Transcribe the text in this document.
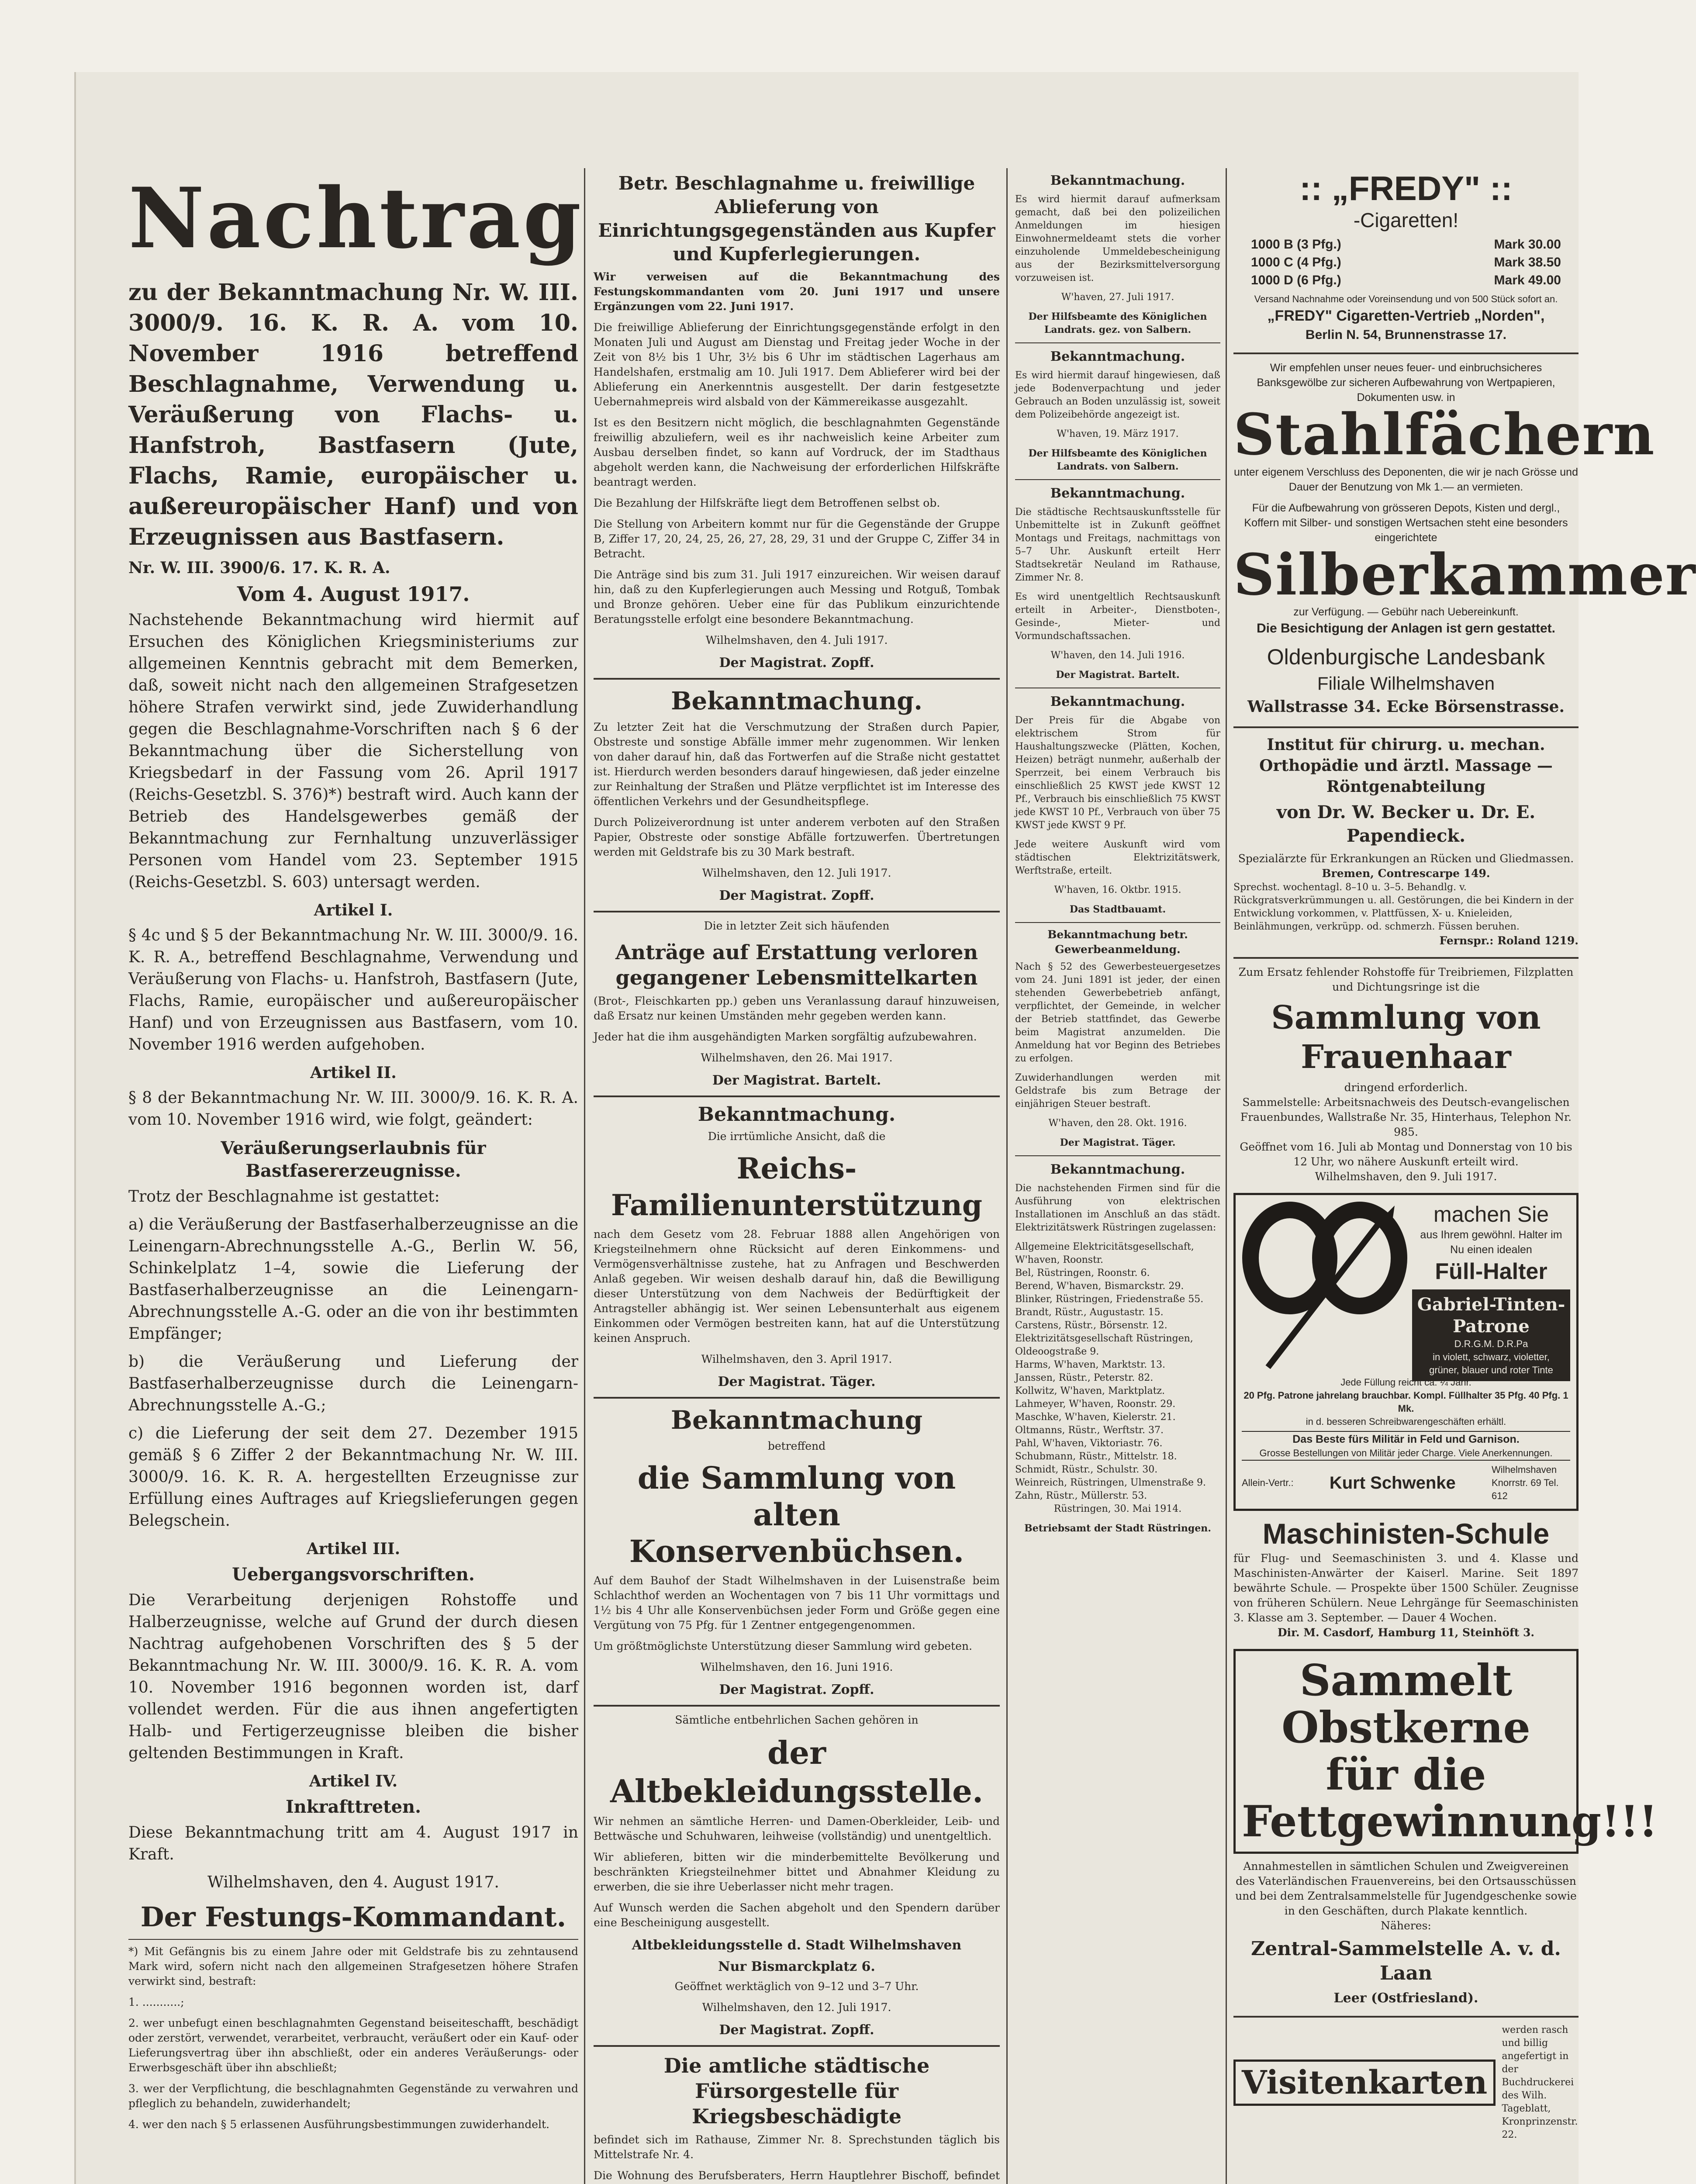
Nachtrag
zu der Bekanntmachung Nr. W. III. 3000/9. 16. K. R. A. vom 10. November 1916 betreffend Beschlagnahme, Verwendung u. Veräußerung von Flachs- u. Hanfstroh, Bastfasern (Jute, Flachs, Ramie, europäischer u. außereuropäischer Hanf) und von Erzeugnissen aus Bastfasern.
Nr. W. III. 3900/6. 17. K. R. A.
Vom 4. August 1917.

Nachstehende Bekanntmachung wird hiermit auf Ersuchen des Königlichen Kriegsministeriums zur allgemeinen Kenntnis gebracht mit dem Bemerken, daß, soweit nicht nach den allgemeinen Strafgesetzen höhere Strafen verwirkt sind, jede Zuwiderhandlung gegen die Beschlagnahme-Vorschriften nach § 6 der Bekanntmachung über die Sicherstellung von Kriegsbedarf in der Fassung vom 26. April 1917 (Reichs-Gesetzbl. S. 376)*) bestraft wird. Auch kann der Betrieb des Handelsgewerbes gemäß der Bekanntmachung zur Fernhaltung unzuverlässiger Personen vom Handel vom 23. September 1915 (Reichs-Gesetzbl. S. 603) untersagt werden.

Artikel I.

§ 4c und § 5 der Bekanntmachung Nr. W. III. 3000/9. 16. K. R. A., betreffend Beschlagnahme, Verwendung und Veräußerung von Flachs- u. Hanfstroh, Bastfasern (Jute, Flachs, Ramie, europäischer und außereuropäischer Hanf) und von Erzeugnissen aus Bastfasern, vom 10. November 1916 werden aufgehoben.

Artikel II.

§ 8 der Bekanntmachung Nr. W. III. 3000/9. 16. K. R. A. vom 10. November 1916 wird, wie folgt, geändert:

Veräußerungserlaubnis für Bastfasererzeugnisse.

Trotz der Beschlagnahme ist gestattet:

a) die Veräußerung der Bastfaserhalberzeugnisse an die Leinengarn-Abrechnungsstelle A.-G., Berlin W. 56, Schinkelplatz 1–4, sowie die Lieferung der Bastfaserhalberzeugnisse an die Leinengarn-Abrechnungsstelle A.-G. oder an die von ihr bestimmten Empfänger;

b) die Veräußerung und Lieferung der Bastfaserhalberzeugnisse durch die Leinengarn-Abrechnungsstelle A.-G.;

c) die Lieferung der seit dem 27. Dezember 1915 gemäß § 6 Ziffer 2 der Bekanntmachung Nr. W. III. 3000/9. 16. K. R. A. hergestellten Erzeugnisse zur Erfüllung eines Auftrages auf Kriegslieferungen gegen Belegschein.

Artikel III.
Uebergangsvorschriften.

Die Verarbeitung derjenigen Rohstoffe und Halberzeugnisse, welche auf Grund der durch diesen Nachtrag aufgehobenen Vorschriften des § 5 der Bekanntmachung Nr. W. III. 3000/9. 16. K. R. A. vom 10. November 1916 begonnen worden ist, darf vollendet werden. Für die aus ihnen angefertigten Halb- und Fertigerzeugnisse bleiben die bisher geltenden Bestimmungen in Kraft.

Artikel IV.
Inkrafttreten.

Diese Bekanntmachung tritt am 4. August 1917 in Kraft.

Wilhelmshaven, den 4. August 1917.

Der Festungs-Kommandant.

*) Mit Gefängnis bis zu einem Jahre oder mit Geldstrafe bis zu zehntausend Mark wird, sofern nicht nach den allgemeinen Strafgesetzen höhere Strafen verwirkt sind, bestraft:

1. ...........;

2. wer unbefugt einen beschlagnahmten Gegenstand beiseiteschafft, beschädigt oder zerstört, verwendet, verarbeitet, verbraucht, veräußert oder ein Kauf- oder Lieferungsvertrag über ihn abschließt, oder ein anderes Veräußerungs- oder Erwerbsgeschäft über ihn abschließt;

3. wer der Verpflichtung, die beschlagnahmten Gegenstände zu verwahren und pfleglich zu behandeln, zuwiderhandelt;

4. wer den nach § 5 erlassenen Ausführungsbestimmungen zuwiderhandelt.

Betr. Beschlagnahme u. freiwillige Ablieferung von Einrichtungsgegenständen aus Kupfer und Kupferlegierungen.

Wir verweisen auf die Bekanntmachung des Festungskommandanten vom 20. Juni 1917 und unsere Ergänzungen vom 22. Juni 1917.

Die freiwillige Ablieferung der Einrichtungsgegenstände erfolgt in den Monaten Juli und August am Dienstag und Freitag jeder Woche in der Zeit von 8½ bis 1 Uhr, 3½ bis 6 Uhr im städtischen Lagerhaus am Handelshafen, erstmalig am 10. Juli 1917. Dem Ablieferer wird bei der Ablieferung ein Anerkenntnis ausgestellt. Der darin festgesetzte Uebernahmepreis wird alsbald von der Kämmereikasse ausgezahlt.

Ist es den Besitzern nicht möglich, die beschlagnahmten Gegenstände freiwillig abzuliefern, weil es ihr nachweislich keine Arbeiter zum Ausbau derselben findet, so kann auf Vordruck, der im Stadthaus abgeholt werden kann, die Nachweisung der erforderlichen Hilfskräfte beantragt werden.

Die Bezahlung der Hilfskräfte liegt dem Betroffenen selbst ob.

Die Stellung von Arbeitern kommt nur für die Gegenstände der Gruppe B, Ziffer 17, 20, 24, 25, 26, 27, 28, 29, 31 und der Gruppe C, Ziffer 34 in Betracht.

Die Anträge sind bis zum 31. Juli 1917 einzureichen. Wir weisen darauf hin, daß zu den Kupferlegierungen auch Messing und Rotguß, Tombak und Bronze gehören. Ueber eine für das Publikum einzurichtende Beratungsstelle erfolgt eine besondere Bekanntmachung.

Wilhelmshaven, den 4. Juli 1917.

Der Magistrat. Zopff.

Bekanntmachung.

Zu letzter Zeit hat die Verschmutzung der Straßen durch Papier, Obstreste und sonstige Abfälle immer mehr zugenommen. Wir lenken von daher darauf hin, daß das Fortwerfen auf die Straße nicht gestattet ist. Hierdurch werden besonders darauf hingewiesen, daß jeder einzelne zur Reinhaltung der Straßen und Plätze verpflichtet ist im Interesse des öffentlichen Verkehrs und der Gesundheitspflege.

Durch Polizeiverordnung ist unter anderem verboten auf den Straßen Papier, Obstreste oder sonstige Abfälle fortzuwerfen. Übertretungen werden mit Geldstrafe bis zu 30 Mark bestraft.

Wilhelmshaven, den 12. Juli 1917.

Der Magistrat. Zopff.

Die in letzter Zeit sich häufenden

Anträge auf Erstattung verloren gegangener Lebensmittelkarten

(Brot-, Fleischkarten pp.) geben uns Veranlassung darauf hinzuweisen, daß Ersatz nur keinen Umständen mehr gegeben werden kann.

Jeder hat die ihm ausgehändigten Marken sorgfältig aufzubewahren.

Wilhelmshaven, den 26. Mai 1917.

Der Magistrat. Bartelt.

Bekanntmachung.

Die irrtümliche Ansicht, daß die

Reichs-Familienunterstützung

nach dem Gesetz vom 28. Februar 1888 allen Angehörigen von Kriegsteilnehmern ohne Rücksicht auf deren Einkommens- und Vermögensverhältnisse zustehe, hat zu Anfragen und Beschwerden Anlaß gegeben. Wir weisen deshalb darauf hin, daß die Bewilligung dieser Unterstützung von dem Nachweis der Bedürftigkeit der Antragsteller abhängig ist. Wer seinen Lebensunterhalt aus eigenem Einkommen oder Vermögen bestreiten kann, hat auf die Unterstützung keinen Anspruch.

Wilhelmshaven, den 3. April 1917.

Der Magistrat. Täger.

Bekanntmachung

betreffend

die Sammlung von alten Konservenbüchsen.

Auf dem Bauhof der Stadt Wilhelmshaven in der Luisenstraße beim Schlachthof werden an Wochentagen von 7 bis 11 Uhr vormittags und 1½ bis 4 Uhr alle Konservenbüchsen jeder Form und Größe gegen eine Vergütung von 75 Pfg. für 1 Zentner entgegengenommen.

Um größtmöglichste Unterstützung dieser Sammlung wird gebeten.

Wilhelmshaven, den 16. Juni 1916.

Der Magistrat. Zopff.

Sämtliche entbehrlichen Sachen gehören in

der Altbekleidungsstelle.

Wir nehmen an sämtliche Herren- und Damen-Oberkleider, Leib- und Bettwäsche und Schuhwaren, leihweise (vollständig) und unentgeltlich.

Wir ablieferen, bitten wir die minderbemittelte Bevölkerung und beschränkten Kriegsteilnehmer bittet und Abnahmer Kleidung zu erwerben, die sie ihre Ueberlasser nicht mehr tragen.

Auf Wunsch werden die Sachen abgeholt und den Spendern darüber eine Bescheinigung ausgestellt.

Altbekleidungsstelle d. Stadt Wilhelmshaven
Nur Bismarckplatz 6.

Geöffnet werktäglich von 9–12 und 3–7 Uhr.

Wilhelmshaven, den 12. Juli 1917.

Der Magistrat. Zopff.

Die amtliche städtische Fürsorgestelle für Kriegsbeschädigte

befindet sich im Rathause, Zimmer Nr. 8. Sprechstunden täglich bis Mittelstrafe Nr. 4.

Die Wohnung des Berufsberaters, Herrn Hauptlehrer Bischoff, befindet

Bekanntmachung.

Es wird hiermit darauf aufmerksam gemacht, daß bei den polizeilichen Anmeldungen im hiesigen Einwohnermeldeamt stets die vorher einzuholende Ummeldebescheinigung aus der Bezirksmittelversorgung vorzuweisen ist.

W'haven, 27. Juli 1917.

Der Hilfsbeamte des Königlichen Landrats. gez. von Salbern.

Bekanntmachung.

Es wird hiermit darauf hingewiesen, daß jede Bodenverpachtung und jeder Gebrauch an Boden unzulässig ist, soweit dem Polizeibehörde angezeigt ist.

W'haven, 19. März 1917.

Der Hilfsbeamte des Königlichen Landrats. von Salbern.

Bekanntmachung.

Die städtische Rechtsauskunftsstelle für Unbemittelte ist in Zukunft geöffnet Montags und Freitags, nachmittags von 5–7 Uhr. Auskunft erteilt Herr Stadtsekretär Neuland im Rathause, Zimmer Nr. 8.

Es wird unentgeltlich Rechtsauskunft erteilt in Arbeiter-, Dienstboten-, Gesinde-, Mieter- und Vormundschaftssachen.

W'haven, den 14. Juli 1916.

Der Magistrat. Bartelt.

Bekanntmachung.

Der Preis für die Abgabe von elektrischem Strom für Haushaltungszwecke (Plätten, Kochen, Heizen) beträgt nunmehr, außerhalb der Sperrzeit, bei einem Verbrauch bis einschließlich 25 KWST jede KWST 12 Pf., Verbrauch bis einschließlich 75 KWST jede KWST 10 Pf., Verbrauch von über 75 KWST jede KWST 9 Pf.

Jede weitere Auskunft wird vom städtischen Elektrizitätswerk, Werftstraße, erteilt.

W'haven, 16. Oktbr. 1915.

Das Stadtbauamt.

Bekanntmachung betr. Gewerbeanmeldung.

Nach § 52 des Gewerbesteuergesetzes vom 24. Juni 1891 ist jeder, der einen stehenden Gewerbebetrieb anfängt, verpflichtet, der Gemeinde, in welcher der Betrieb stattfindet, das Gewerbe beim Magistrat anzumelden. Die Anmeldung hat vor Beginn des Betriebes zu erfolgen.

Zuwiderhandlungen werden mit Geldstrafe bis zum Betrage der einjährigen Steuer bestraft.

W'haven, den 28. Okt. 1916.

Der Magistrat. Täger.

Bekanntmachung.

Die nachstehenden Firmen sind für die Ausführung von elektrischen Installationen im Anschluß an das städt. Elektrizitätswerk Rüstringen zugelassen:

Allgemeine Elektricitätsgesellschaft, W'haven, Roonstr.
Bel, Rüstringen, Roonstr. 6.
Berend, W'haven, Bismarckstr. 29.
Blinker, Rüstringen, Friedenstraße 55.
Brandt, Rüstr., Augustastr. 15.
Carstens, Rüstr., Börsenstr. 12.
Elektrizitätsgesellschaft Rüstringen, Oldeoogstraße 9.
Harms, W'haven, Marktstr. 13.
Janssen, Rüstr., Peterstr. 82.
Kollwitz, W'haven, Marktplatz.
Lahmeyer, W'haven, Roonstr. 29.
Maschke, W'haven, Kielerstr. 21.
Oltmanns, Rüstr., Werftstr. 37.
Pahl, W'haven, Viktoriastr. 76.
Schubmann, Rüstr., Mittelstr. 18.
Schmidt, Rüstr., Schulstr. 30.
Weinreich, Rüstringen, Ulmenstraße 9.
Zahn, Rüstr., Müllerstr. 53.

Rüstringen, 30. Mai 1914.

Betriebsamt der Stadt Rüstringen.

:: „FREDY" ::
-Cigaretten!
1000 B (3 Pfg.)	Mark 30.00
1000 C (4 Pfg.)	Mark 38.50
1000 D (6 Pfg.)	Mark 49.00
Versand Nachnahme oder Voreinsendung und von 500 Stück sofort an.
„FREDY" Cigaretten-Vertrieb „Norden",
Berlin N. 54, Brunnenstrasse 17.
Wir empfehlen unser neues feuer- und einbruchsicheres Banksgewölbe zur sicheren Aufbewahrung von Wertpapieren, Dokumenten usw. in
Stahlfächern
unter eigenem Verschluss des Deponenten, die wir je nach Grösse und Dauer der Benutzung von Mk 1.— an vermieten.
Für die Aufbewahrung von grösseren Depots, Kisten und dergl., Koffern mit Silber- und sonstigen Wertsachen steht eine besonders eingerichtete
Silberkammer
zur Verfügung. — Gebühr nach Uebereinkunft.
Die Besichtigung der Anlagen ist gern gestattet.
Oldenburgische Landesbank
Filiale Wilhelmshaven
Wallstrasse 34. Ecke Börsenstrasse.
Institut für chirurg. u. mechan. Orthopädie und ärztl. Massage — Röntgenabteilung
von Dr. W. Becker u. Dr. E. Papendieck.
Spezialärzte für Erkrankungen an Rücken und Gliedmassen.
Bremen, Contrescarpe 149.
Sprechst. wochentagl. 8–10 u. 3–5. Behandlg. v. Rückgratsverkrümmungen u. all. Gestörungen, die bei Kindern in der Entwicklung vorkommen, v. Plattfüssen, X- u. Knieleiden, Beinlähmungen, verkrüpp. od. schmerzh. Füssen beruhen.
Fernspr.: Roland 1219.
Zum Ersatz fehlender Rohstoffe für Treibriemen, Filzplatten und Dichtungsringe ist die
Sammlung von Frauenhaar
dringend erforderlich.
Sammelstelle: Arbeitsnachweis des Deutsch-evangelischen Frauenbundes, Wallstraße Nr. 35, Hinterhaus, Telephon Nr. 985.
Geöffnet vom 16. Juli ab Montag und Donnerstag von 10 bis 12 Uhr, wo nähere Auskunft erteilt wird.
Wilhelmshaven, den 9. Juli 1917.
machen Sie
aus Ihrem gewöhnl. Halter im Nu einen idealen
Füll-Halter
Gabriel-Tinten-Patrone
D.R.G.M. D.R.Pa
in violett, schwarz, violetter, grüner, blauer und roter Tinte
Jede Füllung reicht ca. ¼ Jahr.
20 Pfg. Patrone jahrelang brauchbar. Kompl. Füllhalter 35 Pfg. 40 Pfg. 1 Mk.
in d. besseren Schreibwarengeschäften erhältl.
Das Beste fürs Militär in Feld und Garnison.
Grosse Bestellungen von Militär jeder Charge. Viele Anerkennungen.
Allein-Vertr.: Kurt Schwenke
Wilhelmshaven Knorrstr. 69 Tel. 612
Maschinisten-Schule
für Flug- und Seemaschinisten 3. und 4. Klasse und Maschinisten-Anwärter der Kaiserl. Marine. Seit 1897 bewährte Schule. — Prospekte über 1500 Schüler. Zeugnisse von früheren Schülern. Neue Lehrgänge für Seemaschinisten 3. Klasse am 3. September. — Dauer 4 Wochen.
Dir. M. Casdorf, Hamburg 11, Steinhöft 3.
Sammelt Obstkerne für die Fettgewinnung!!!
Annahmestellen in sämtlichen Schulen und Zweigvereinen des Vaterländischen Frauenvereins, bei den Ortsausschüssen und bei dem Zentralsammelstelle für Jugendgeschenke sowie in den Geschäften, durch Plakate kenntlich.
Näheres:
Zentral-Sammelstelle A. v. d. Laan
Leer (Ostfriesland).
Visitenkarten
werden rasch und billig angefertigt in der Buchdruckerei des Wilh. Tageblatt, Kronprinzenstr. 22.
